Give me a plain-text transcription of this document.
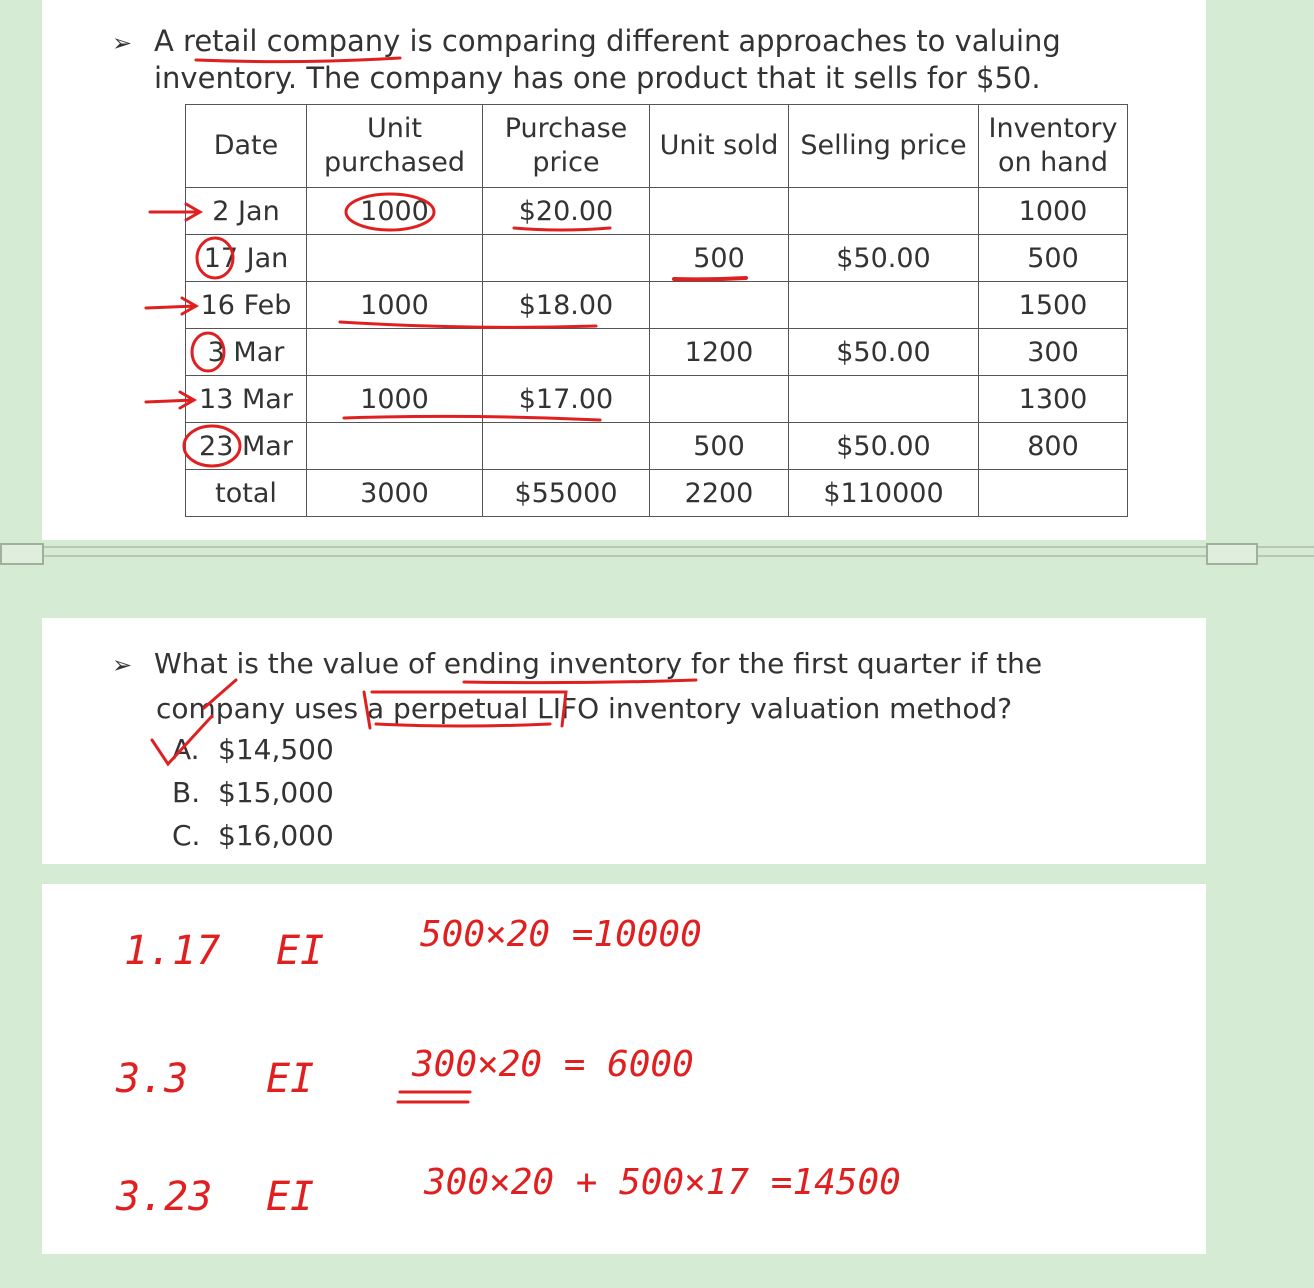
➢ A retail company is comparing different approaches to valuing
inventory. The company has one product that it sells for $50.
Date	Unit purchased	Purchase price	Unit sold	Selling price	Inventory on hand
2 Jan	1000	$20.00			1000
17 Jan			500	$50.00	500
16 Feb	1000	$18.00			1500
3 Mar			1200	$50.00	300
13 Mar	1000	$17.00			1300
23 Mar			500	$50.00	800
total	3000	$55000	2200	$110000	
➢ What is the value of ending inventory for the first quarter if the
company uses a perpetual LIFO inventory valuation method?
A. $14,500
B. $15,000
C. $16,000
1.17 EI	500×20 =10000
3.3 EI	300×20 = 6000
3.23 EI	300×20 + 500×17 =14500
